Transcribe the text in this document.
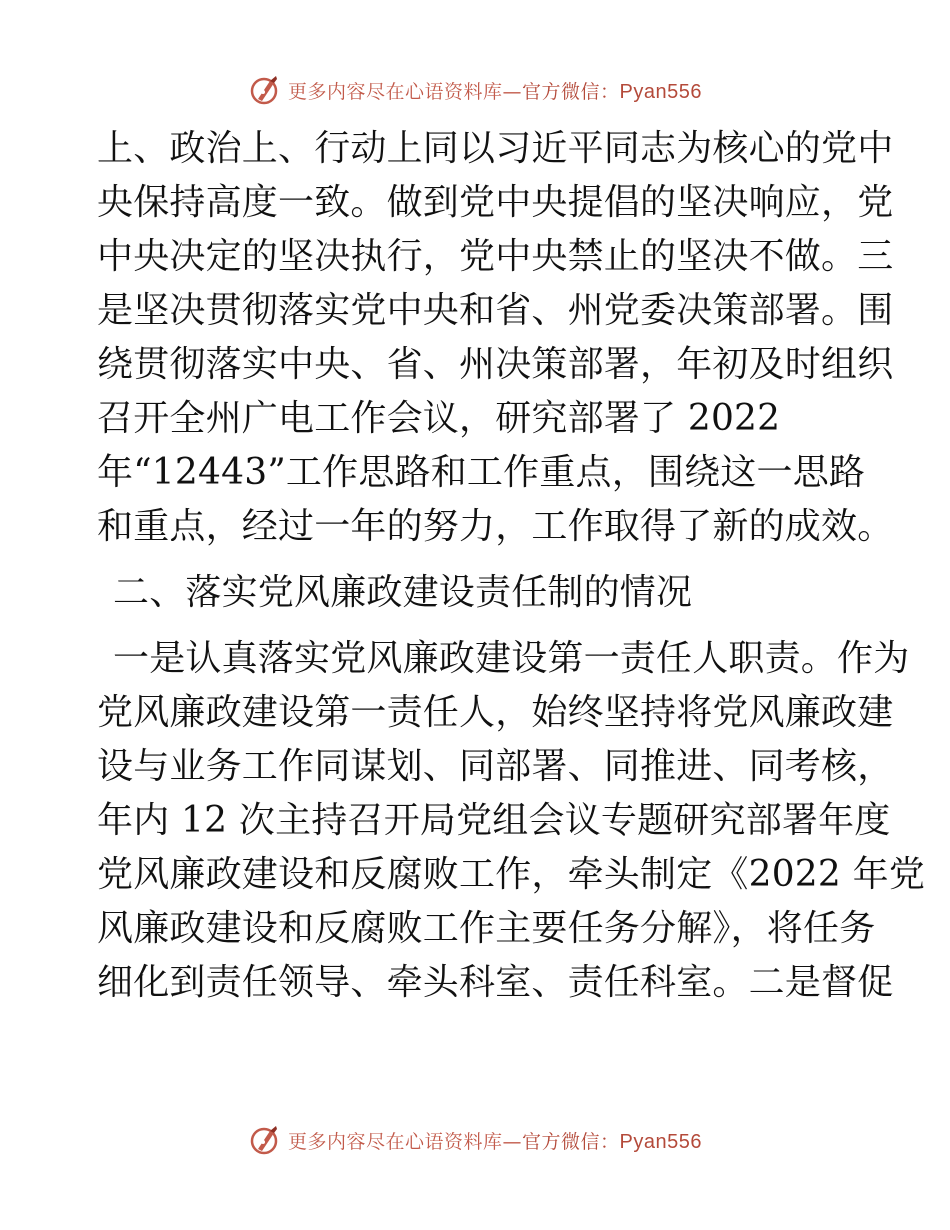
更多内容尽在心语资料库—官方微信：Pyan556
上、政治上、行动上同以习近平同志为核心的党中
央保持高度一致。做到党中央提倡的坚决响应，党
中央决定的坚决执行，党中央禁止的坚决不做。三
是坚决贯彻落实党中央和省、州党委决策部署。围
绕贯彻落实中央、省、州决策部署，年初及时组织
召开全州广电工作会议，研究部署了 2022
年“12443”工作思路和工作重点，围绕这一思路
和重点，经过一年的努力，工作取得了新的成效。
二、落实党风廉政建设责任制的情况
一是认真落实党风廉政建设第一责任人职责。作为
党风廉政建设第一责任人，始终坚持将党风廉政建
设与业务工作同谋划、同部署、同推进、同考核，
年内 12 次主持召开局党组会议专题研究部署年度
党风廉政建设和反腐败工作，牵头制定《2022 年党
风廉政建设和反腐败工作主要任务分解》，将任务
细化到责任领导、牵头科室、责任科室。二是督促
更多内容尽在心语资料库—官方微信：Pyan556
